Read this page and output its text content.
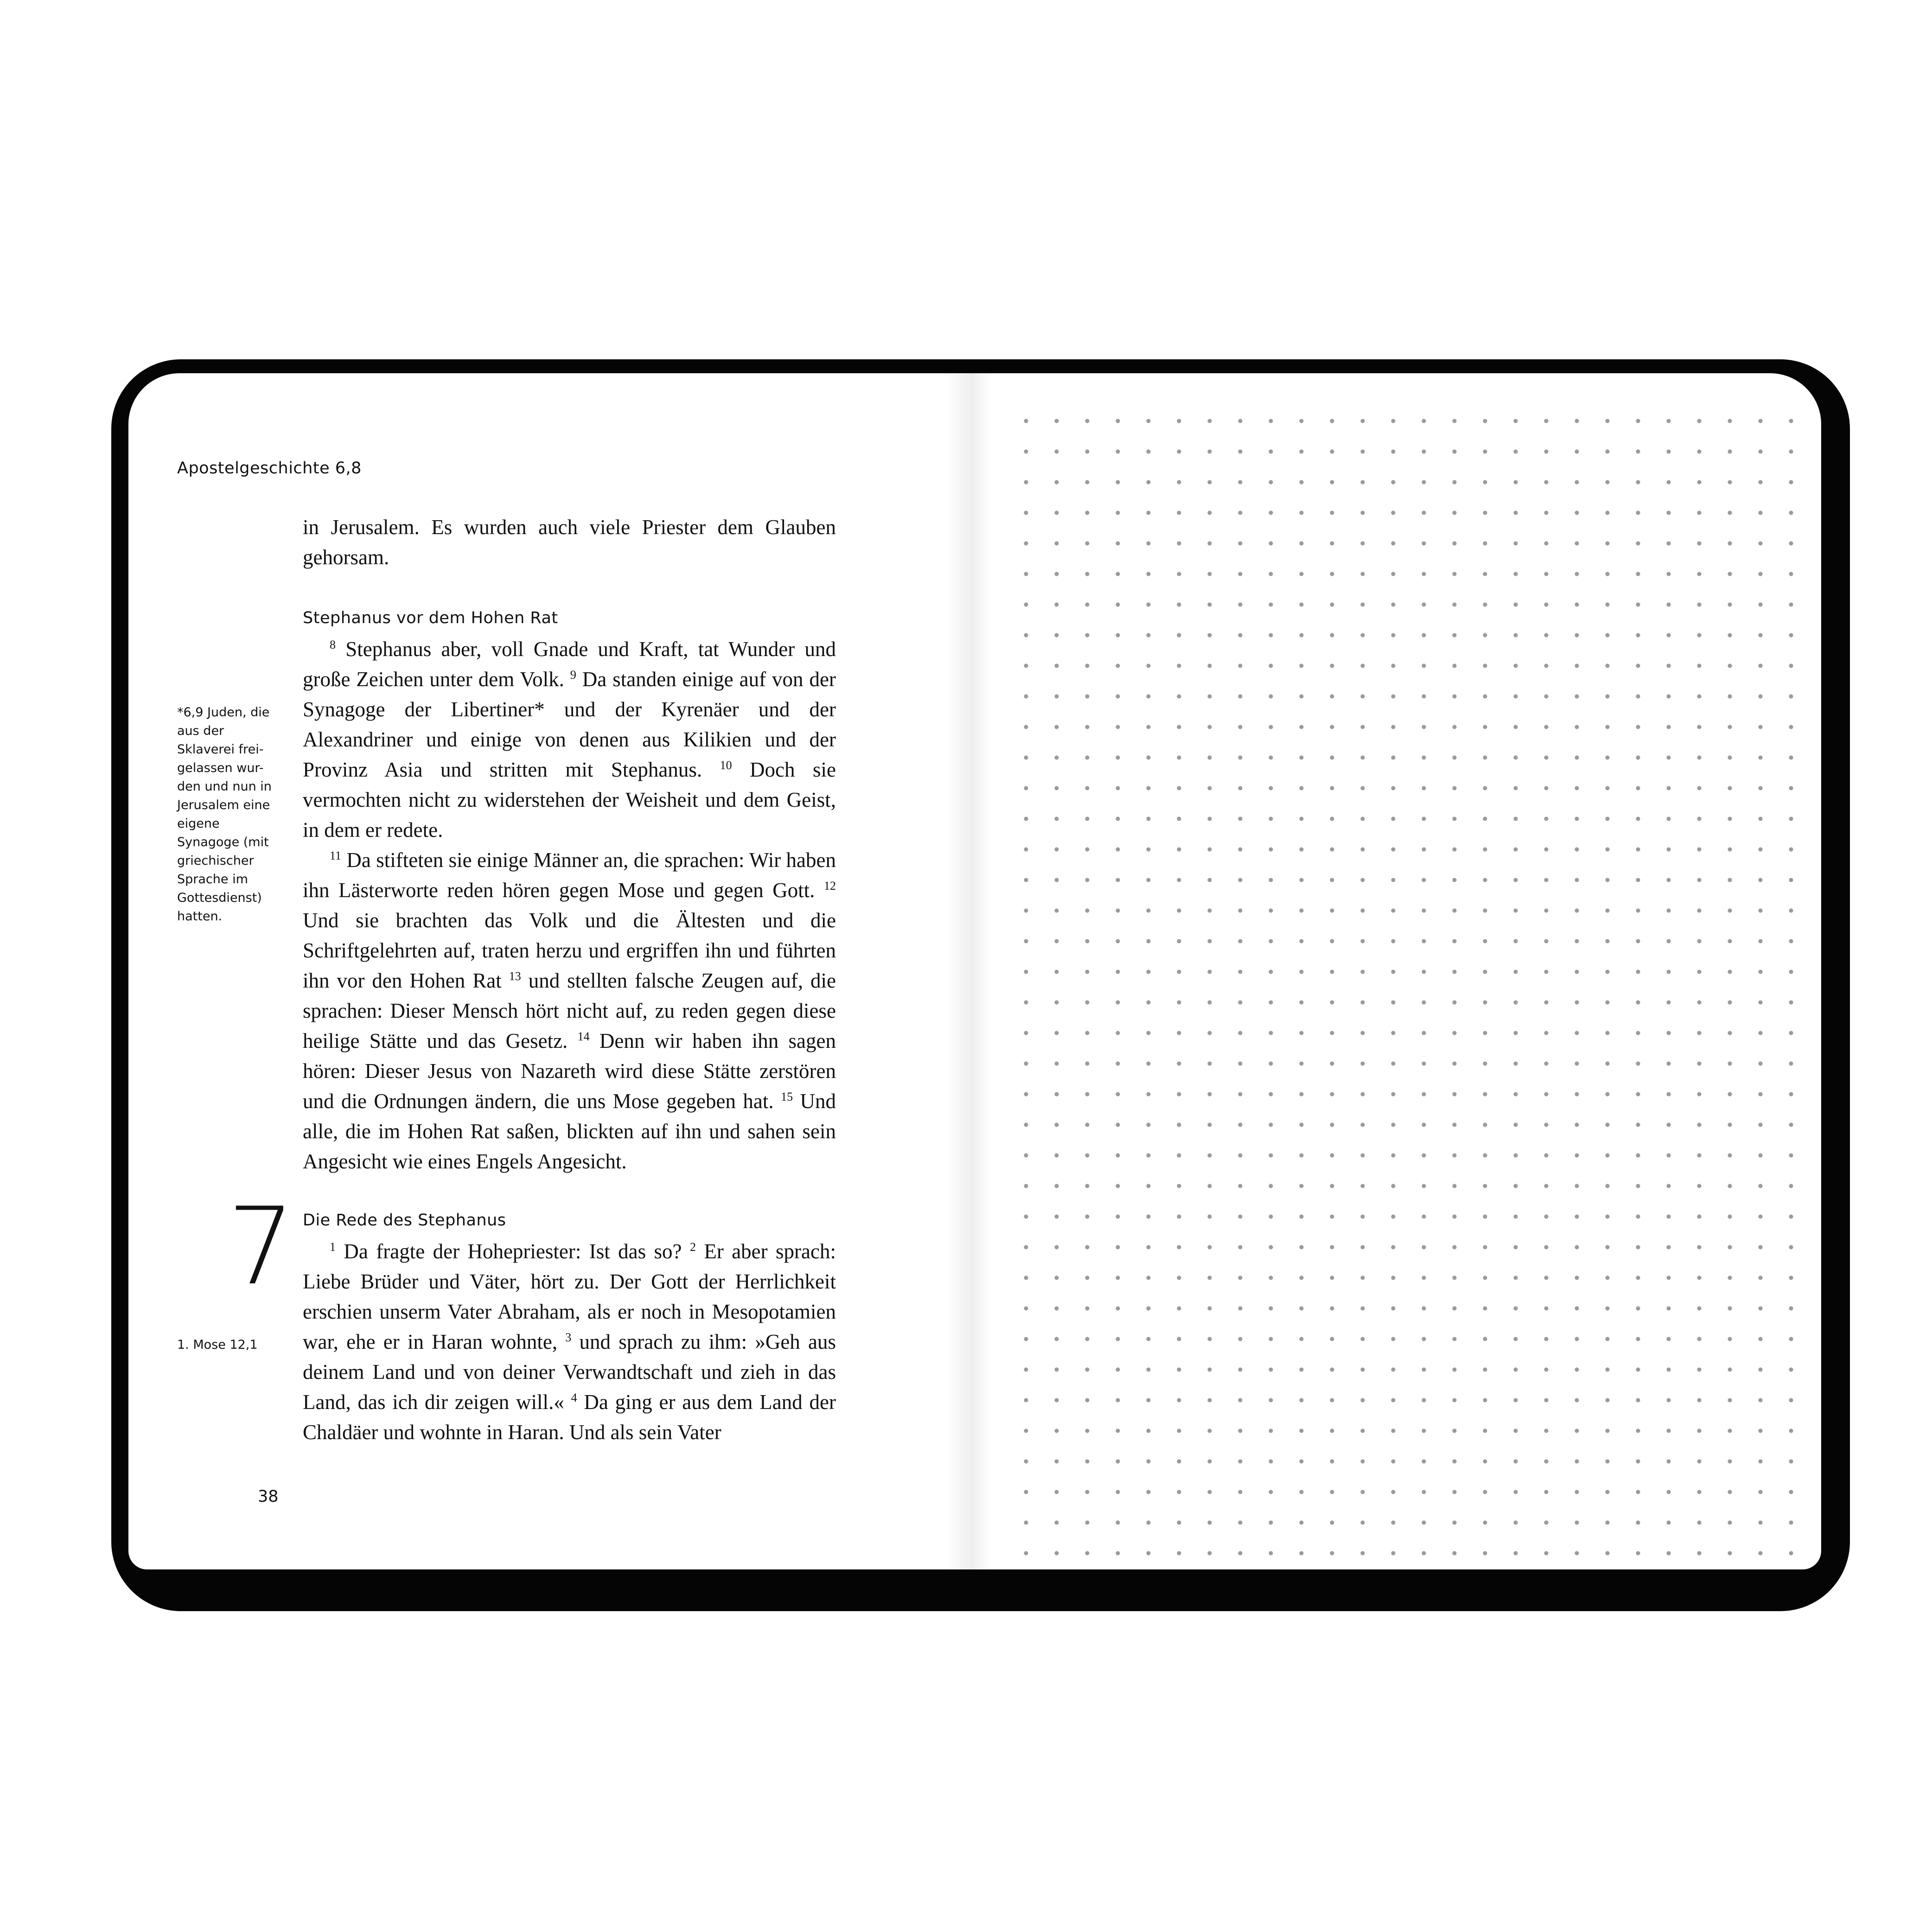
Apostelgeschichte 6,8

in Jerusalem. Es wurden auch viele Priester dem Glauben gehorsam.

Stephanus vor dem Hohen Rat

$^8$ Stephanus aber, voll Gnade und Kraft, tat Wunder und große Zeichen unter dem Volk. $^9$ Da standen einige auf von der Synagoge der Libertiner* und der Kyrenäer und der Alexandriner und einige von denen aus Kilikien und der Provinz Asia und stritten mit Stephanus. $^{10}$ Doch sie vermochten nicht zu widerstehen der Weisheit und dem Geist, in dem er redete.

$^{11}$ Da stifteten sie einige Männer an, die sprachen: Wir haben ihn Lästerworte reden hören gegen Mose und gegen Gott. $^{12}$ Und sie brachten das Volk und die Ältesten und die Schriftgelehrten auf, traten herzu und ergriffen ihn und führten ihn vor den Hohen Rat $^{13}$ und stellten falsche Zeugen auf, die sprachen: Dieser Mensch hört nicht auf, zu reden gegen diese heilige Stätte und das Gesetz. $^{14}$ Denn wir haben ihn sagen hören: Dieser Jesus von Nazareth wird diese Stätte zerstören und die Ordnungen ändern, die uns Mose gegeben hat. $^{15}$ Und alle, die im Hohen Rat saßen, blickten auf ihn und sahen sein Angesicht wie eines Engels Angesicht.

*6,9 Juden, die aus der Sklaverei frei-gelassen wur-den und nun in Jerusalem eine eigene Synagoge (mit griechischer Sprache im Gottesdienst) hatten.
7 Die Rede des Stephanus

$^1$ Da fragte der Hohepriester: Ist das so? $^2$ Er aber sprach: Liebe Brüder und Väter, hört zu. Der Gott der Herrlichkeit erschien unserm Vater Abraham, als er noch in Mesopotamien war, ehe er in Haran wohnte, $^3$ und sprach zu ihm: »Geh aus deinem Land und von deiner Verwandtschaft und zieh in das Land, das ich dir zeigen will.« $^4$ Da ging er aus dem Land der Chaldäer und wohnte in Haran. Und als sein Vater

1. Mose 12,1
38
